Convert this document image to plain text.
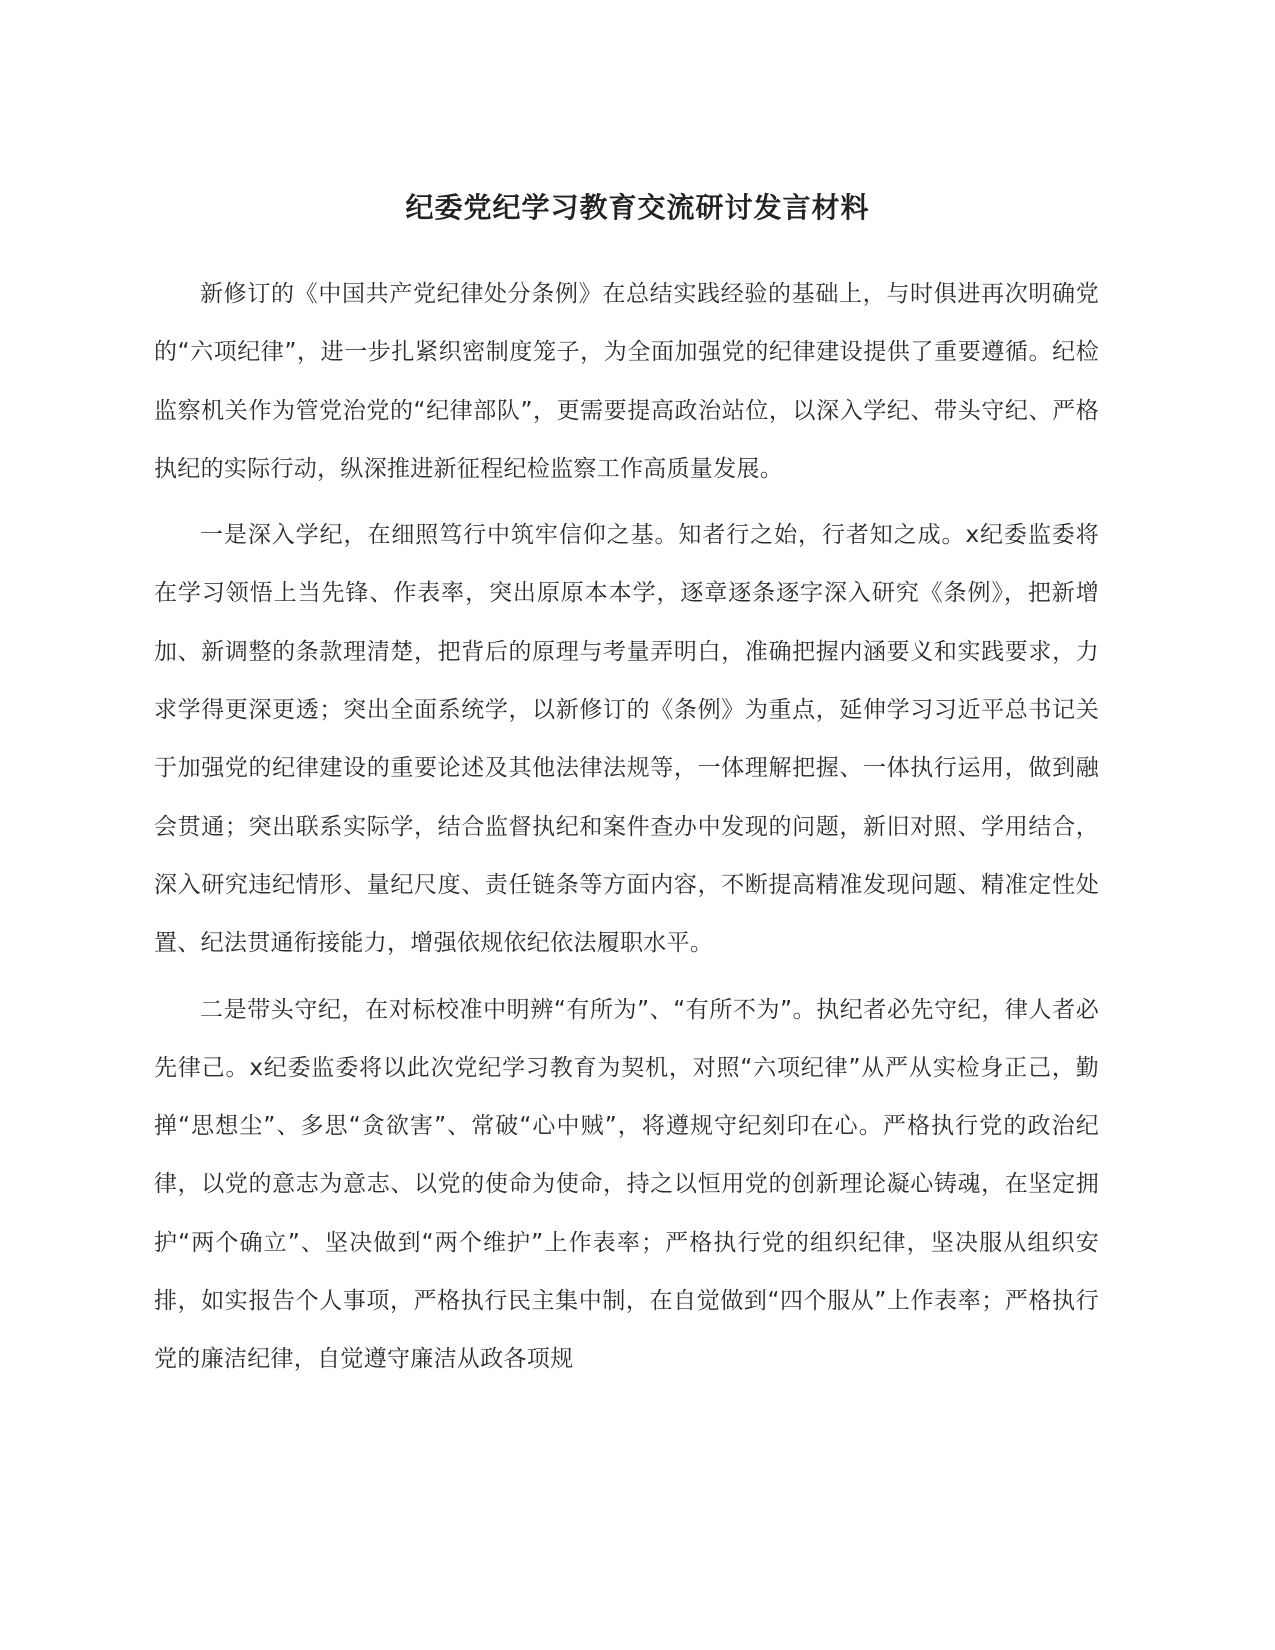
纪委党纪学习教育交流研讨发言材料

新修订的《中国共产党纪律处分条例》在总结实践经验的基础上，与时俱进再次明确党的“六项纪律”，进一步扎紧织密制度笼子，为全面加强党的纪律建设提供了重要遵循。纪检监察机关作为管党治党的“纪律部队”，更需要提高政治站位，以深入学纪、带头守纪、严格执纪的实际行动，纵深推进新征程纪检监察工作高质量发展。

一是深入学纪，在细照笃行中筑牢信仰之基。知者行之始，行者知之成。x纪委监委将在学习领悟上当先锋、作表率，突出原原本本学，逐章逐条逐字深入研究《条例》，把新增加、新调整的条款理清楚，把背后的原理与考量弄明白，准确把握内涵要义和实践要求，力求学得更深更透；突出全面系统学，以新修订的《条例》为重点，延伸学习习近平总书记关于加强党的纪律建设的重要论述及其他法律法规等，一体理解把握、一体执行运用，做到融会贯通；突出联系实际学，结合监督执纪和案件查办中发现的问题，新旧对照、学用结合，深入研究违纪情形、量纪尺度、责任链条等方面内容，不断提高精准发现问题、精准定性处置、纪法贯通衔接能力，增强依规依纪依法履职水平。

二是带头守纪，在对标校准中明辨“有所为”、“有所不为”。执纪者必先守纪，律人者必先律己。x纪委监委将以此次党纪学习教育为契机，对照“六项纪律”从严从实检身正己，勤掸“思想尘”、多思“贪欲害”、常破“心中贼”，将遵规守纪刻印在心。严格执行党的政治纪律，以党的意志为意志、以党的使命为使命，持之以恒用党的创新理论凝心铸魂，在坚定拥护“两个确立”、坚决做到“两个维护”上作表率；严格执行党的组织纪律，坚决服从组织安排，如实报告个人事项，严格执行民主集中制，在自觉做到“四个服从”上作表率；严格执行党的廉洁纪律，自觉遵守廉洁从政各项规
